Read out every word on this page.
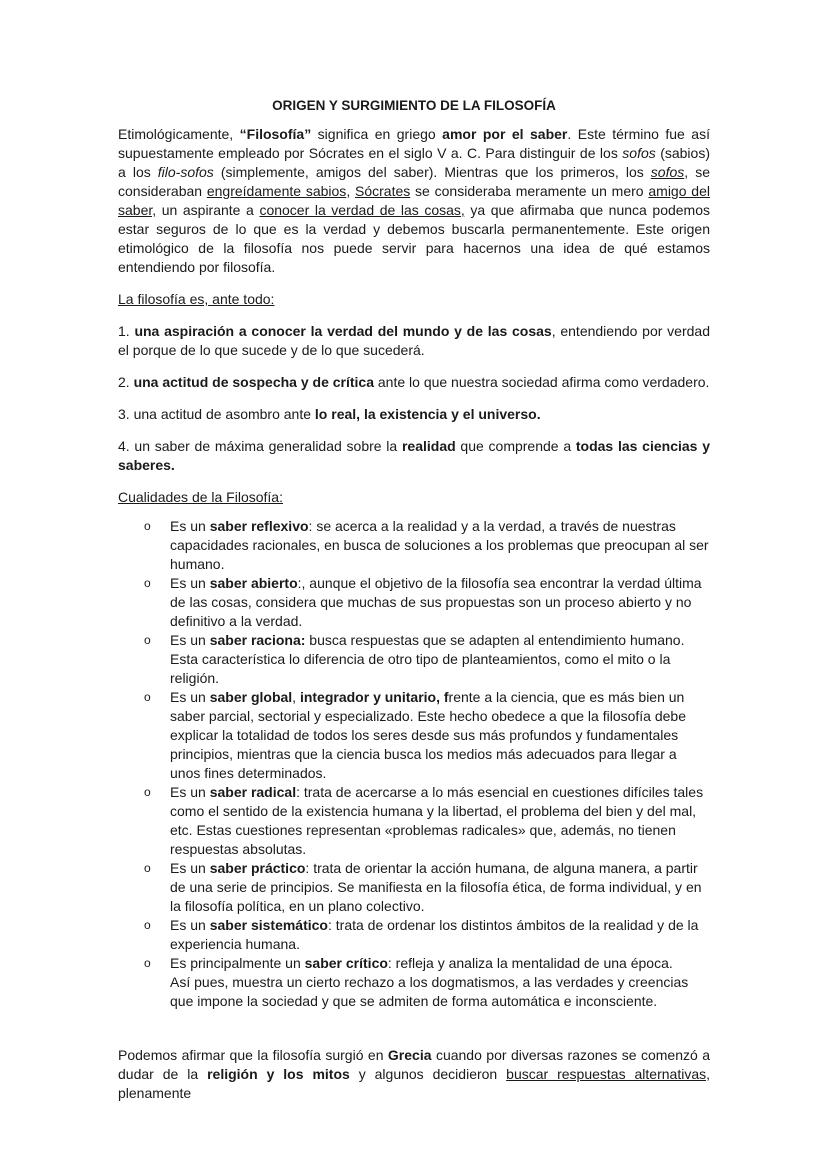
ORIGEN Y SURGIMIENTO DE LA FILOSOFÍA

Etimológicamente, “Filosofía” significa en griego amor por el saber. Este término fue así supuestamente empleado por Sócrates en el siglo V a. C. Para distinguir de los sofos (sabios) a los filo-sofos (simplemente, amigos del saber). Mientras que los primeros, los sofos, se consideraban engreídamente sabios, Sócrates se consideraba meramente un mero amigo del saber, un aspirante a conocer la verdad de las cosas, ya que afirmaba que nunca podemos estar seguros de lo que es la verdad y debemos buscarla permanentemente. Este origen etimológico de la filosofía nos puede servir para hacernos una idea de qué estamos entendiendo por filosofía.

La filosofía es, ante todo:

1. una aspiración a conocer la verdad del mundo y de las cosas, entendiendo por verdad el porque de lo que sucede y de lo que sucederá.

2. una actitud de sospecha y de crítica ante lo que nuestra sociedad afirma como verdadero.

3. una actitud de asombro ante lo real, la existencia y el universo.

4. un saber de máxima generalidad sobre la realidad que comprende a todas las ciencias y saberes.

Cualidades de la Filosofía:

o Es un saber reflexivo: se acerca a la realidad y a la verdad, a través de nuestras capacidades racionales, en busca de soluciones a los problemas que preocupan al ser humano.
o Es un saber abierto:, aunque el objetivo de la filosofía sea encontrar la verdad última de las cosas, considera que muchas de sus propuestas son un proceso abierto y no definitivo a la verdad.
o Es un saber raciona: busca respuestas que se adapten al entendimiento humano. Esta característica lo diferencia de otro tipo de planteamientos, como el mito o la religión.
o Es un saber global, integrador y unitario, frente a la ciencia, que es más bien un saber parcial, sectorial y especializado. Este hecho obedece a que la filosofía debe explicar la totalidad de todos los seres desde sus más profundos y fundamentales principios, mientras que la ciencia busca los medios más adecuados para llegar a unos fines determinados.
o Es un saber radical: trata de acercarse a lo más esencial en cuestiones difíciles tales como el sentido de la existencia humana y la libertad, el problema del bien y del mal, etc. Estas cuestiones representan «problemas radicales» que, además, no tienen respuestas absolutas.
o Es un saber práctico: trata de orientar la acción humana, de alguna manera, a partir de una serie de principios. Se manifiesta en la filosofía ética, de forma individual, y en la filosofía política, en un plano colectivo.
o Es un saber sistemático: trata de ordenar los distintos ámbitos de la realidad y de la experiencia humana.
o Es principalmente un saber crítico: refleja y analiza la mentalidad de una época.
Así pues, muestra un cierto rechazo a los dogmatismos, a las verdades y creencias que impone la sociedad y que se admiten de forma automática e inconsciente.

Podemos afirmar que la filosofía surgió en Grecia cuando por diversas razones se comenzó a dudar de la religión y los mitos y algunos decidieron buscar respuestas alternativas, plenamente
